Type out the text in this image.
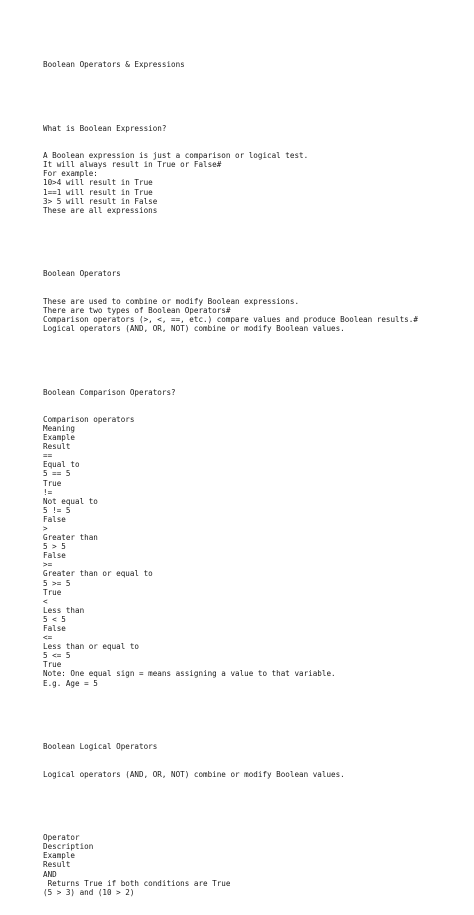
Boolean Operators & Expressions

What is Boolean Expression?

A Boolean expression is just a comparison or logical test.
It will always result in True or False#
For example:
10>4 will result in True
1==1 will result in True
3> 5 will result in False
These are all expressions

Boolean Operators

These are used to combine or modify Boolean expressions.
There are two types of Boolean Operators#
Comparison operators (>, <, ==, etc.) compare values and produce Boolean results.#
Logical operators (AND, OR, NOT) combine or modify Boolean values.

Boolean Comparison Operators?

Comparison operators
Meaning
Example
Result
==
Equal to
5 == 5
True
!=
Not equal to
5 != 5
False
>
Greater than
5 > 5
False
>=
Greater than or equal to
5 >= 5
True
<
Less than
5 < 5
False
<=
Less than or equal to
5 <= 5
True
Note: One equal sign = means assigning a value to that variable.
E.g. Age = 5

Boolean Logical Operators

Logical operators (AND, OR, NOT) combine or modify Boolean values.

Operator
Description
Example
Result
AND
Returns True if both conditions are True
(5 > 3) and (10 > 2)
